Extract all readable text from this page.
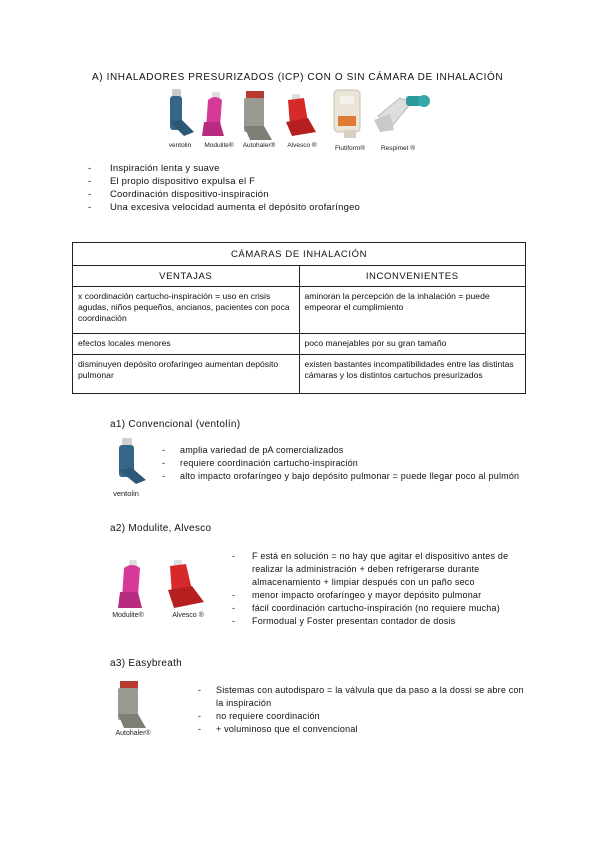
A) INHALADORES PRESURIZADOS (ICP) CON O SIN CÁMARA DE INHALACIÓN
ventolin	Modulite®	Autohaler®	Alvesco ®	Flutiform®	Respimet ®
-	Inspiración lenta y suave
-	El propio dispositivo expulsa el F
-	Coordinación dispositivo-inspiración
-	Una excesiva velocidad aumenta el depósito orofaríngeo
CÁMARAS DE INHALACIÓN	
VENTAJAS	INCONVENIENTES
x coordinación cartucho-inspiración = uso en crisis agudas, niños pequeños, ancianos, pacientes con poca coordinación	aminoran la percepción de la inhalación = puede empeorar el cumplimiento
efectos locales menores	poco manejables por su gran tamaño
disminuyen depósito orofaríngeo aumentan depósito pulmonar	existen bastantes incompatibilidades entre las distintas cámaras y los distintos cartuchos presurizados
a1) Convencional (ventolín)
ventolin
-	amplia variedad de pA comercializados
-	requiere coordinación cartucho-inspiración
-	alto impacto orofaríngeo y bajo depósito pulmonar = puede llegar poco al pulmón
a2) Modulite, Alvesco
Modulite®	Alvesco ®
-	F está en solución = no hay que agitar el dispositivo antes de realizar la administración + deben refrigerarse durante almacenamiento + limpiar después con un paño seco
-	menor impacto orofaríngeo y mayor depósito pulmonar
-	fácil coordinación cartucho-inspiración (no requiere mucha)
-	Formodual y Foster presentan contador de dosis
a3) Easybreath
Autohaler®
-	Sistemas con autodisparo = la válvula que da paso a la dossi se abre con la inspiración
-	no requiere coordinación
-	+ voluminoso que el convencional
